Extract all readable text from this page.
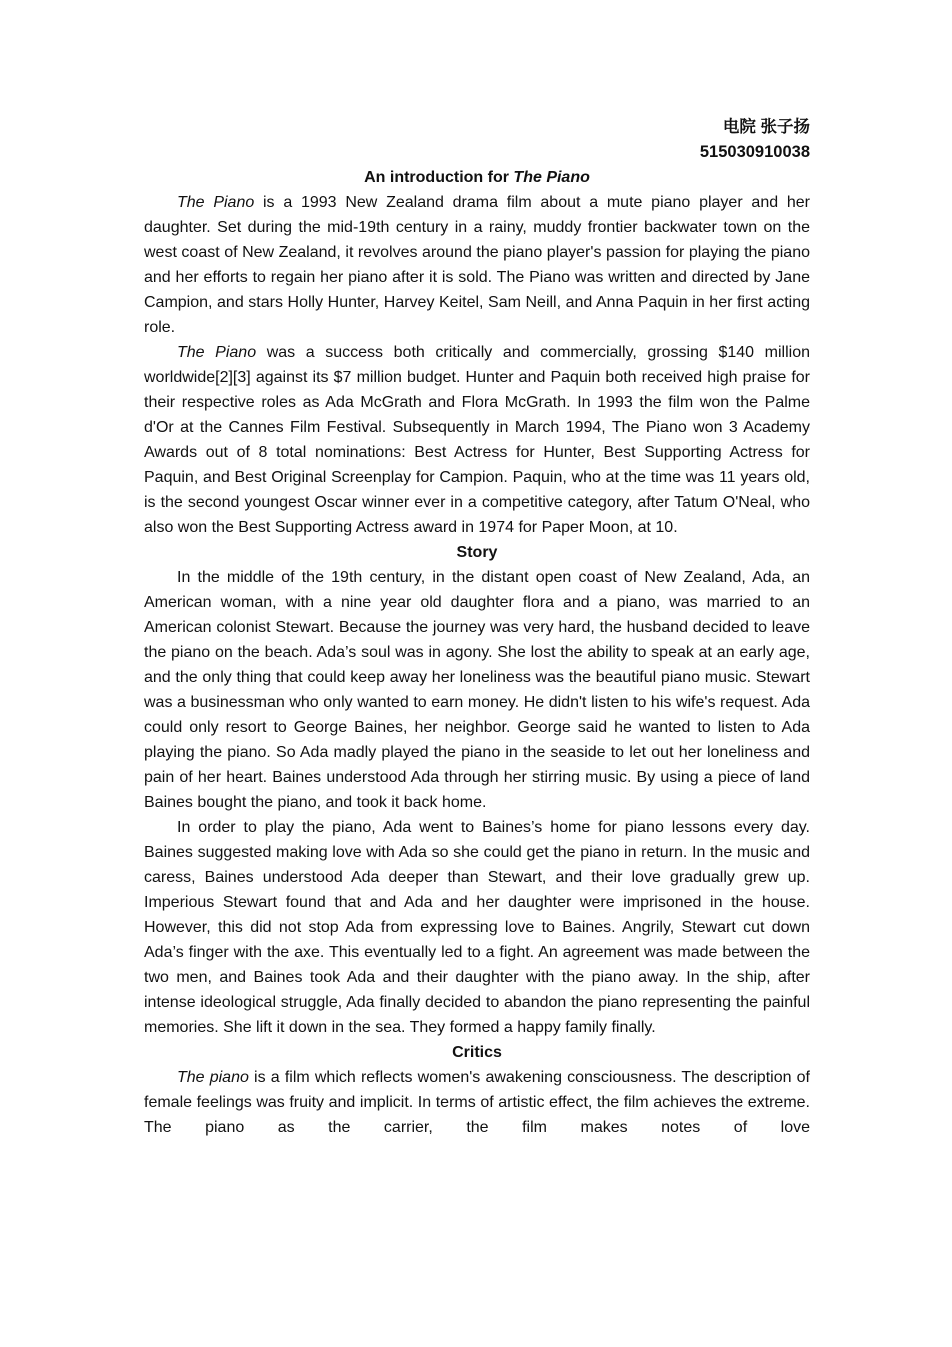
电院 张子扬
515030910038
An introduction for The Piano

The Piano is a 1993 New Zealand drama film about a mute piano player and her daughter. Set during the mid-19th century in a rainy, muddy frontier backwater town on the west coast of New Zealand, it revolves around the piano player's passion for playing the piano and her efforts to regain her piano after it is sold. The Piano was written and directed by Jane Campion, and stars Holly Hunter, Harvey Keitel, Sam Neill, and Anna Paquin in her first acting role.

The Piano was a success both critically and commercially, grossing $140 million worldwide[2][3] against its $7 million budget. Hunter and Paquin both received high praise for their respective roles as Ada McGrath and Flora McGrath. In 1993 the film won the Palme d'Or at the Cannes Film Festival. Subsequently in March 1994, The Piano won 3 Academy Awards out of 8 total nominations: Best Actress for Hunter, Best Supporting Actress for Paquin, and Best Original Screenplay for Campion. Paquin, who at the time was 11 years old, is the second youngest Oscar winner ever in a competitive category, after Tatum O'Neal, who also won the Best Supporting Actress award in 1974 for Paper Moon, at 10.

Story

In the middle of the 19th century, in the distant open coast of New Zealand, Ada, an American woman, with a nine year old daughter flora and a piano, was married to an American colonist Stewart. Because the journey was very hard, the husband decided to leave the piano on the beach. Ada’s soul was in agony. She lost the ability to speak at an early age, and the only thing that could keep away her loneliness was the beautiful piano music. Stewart was a businessman who only wanted to earn money. He didn't listen to his wife's request. Ada could only resort to George Baines, her neighbor. George said he wanted to listen to Ada playing the piano. So Ada madly played the piano in the seaside to let out her loneliness and pain of her heart. Baines understood Ada through her stirring music. By using a piece of land Baines bought the piano, and took it back home.

In order to play the piano, Ada went to Baines’s home for piano lessons every day. Baines suggested making love with Ada so she could get the piano in return. In the music and caress, Baines understood Ada deeper than Stewart, and their love gradually grew up. Imperious Stewart found that and Ada and her daughter were imprisoned in the house. However, this did not stop Ada from expressing love to Baines. Angrily, Stewart cut down Ada’s finger with the axe. This eventually led to a fight. An agreement was made between the two men, and Baines took Ada and their daughter with the piano away. In the ship, after intense ideological struggle, Ada finally decided to abandon the piano representing the painful memories. She lift it down in the sea. They formed a happy family finally.

Critics

The piano is a film which reflects women's awakening consciousness. The description of female feelings was fruity and implicit. In terms of artistic effect, the film achieves the extreme. The piano as the carrier, the film makes notes of love
